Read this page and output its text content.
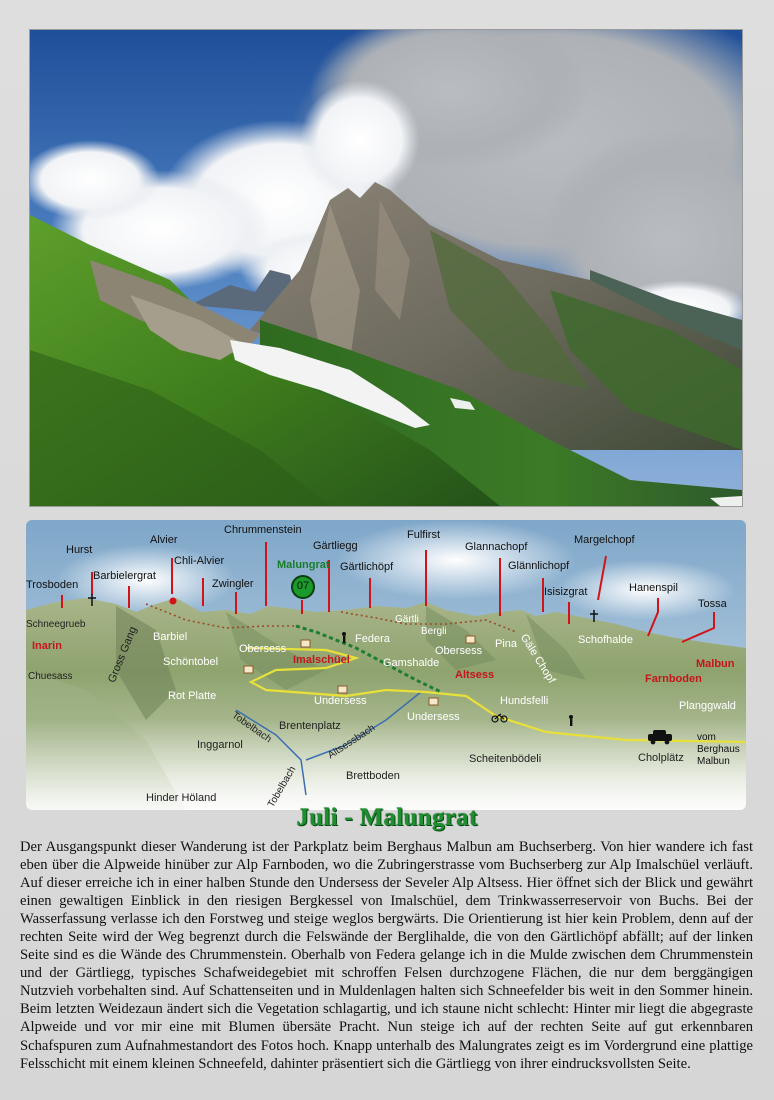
Trosboden
Hurst
Barbielergrat
Alvier
Chli-Alvier
Zwingler
Chrummenstein
Malungrat
07
Gärtliegg
Gärtlichöpf
Fulfirst
Glannachopf
Glännlichopf
Margelchopf
Isisizgrat	Hanenspil
Tossa
Inarin
Imalschüel
Altsess
Malbun
Farnboden
Schneegrueb
Chuesass	Gross Gang Barbiel
Schöntobel
Rot Platte
Obersess
Federa
Gärtli
Bergli
Gamshalde
Obersess
Pina Gäle Chopf Schofhalde
Undersess
Undersess
Hundsfelli	Planggwald
Tobelbach Brentenplatz
Altsessbach
Inggarnol
Tobelbach	Brettboden
Scheitenbödeli	Cholplätz
Hinder Höland
vom
Berghaus
Malbun
Juli - Malungrat

Der Ausgangspunkt dieser Wanderung ist der Parkplatz beim Berghaus Malbun am Buchserberg. Von hier wandere ich fast eben über die Alpweide hinüber zur Alp Farnboden, wo die Zubringerstrasse vom Buchserberg zur Alp Imalschüel verläuft. Auf dieser erreiche ich in einer halben Stunde den Undersess der Seveler Alp Altsess. Hier öffnet sich der Blick und gewährt einen gewaltigen Einblick in den riesigen Bergkessel von Imalschüel, dem Trinkwasserreservoir von Buchs. Bei der Wasserfassung verlasse ich den Forstweg und steige weglos bergwärts. Die Orientierung ist hier kein Problem, denn auf der rechten Seite wird der Weg begrenzt durch die Felswände der Berglihalde, die von den Gärtlichöpf abfällt; auf der linken Seite sind es die Wände des Chrummenstein. Oberhalb von Federa gelange ich in die Mulde zwischen dem Chrummenstein und der Gärtliegg, typisches Schafweidegebiet mit schroffen Felsen durchzogene Flächen, die nur dem berggängigen Nutzvieh vorbehalten sind. Auf Schattenseiten und in Muldenlagen halten sich Schneefelder bis weit in den Sommer hinein. Beim letzten Weidezaun ändert sich die Vegetation schlagartig, und ich staune nicht schlecht: Hinter mir liegt die abgegraste Alpweide und vor mir eine mit Blumen übersäte Pracht. Nun steige ich auf der rechten Seite auf gut erkennbaren Schafspuren zum Aufnahmestandort des Fotos hoch. Knapp unterhalb des Malungrates zeigt es im Vordergrund eine plattige Felsschicht mit einem kleinen Schneefeld, dahinter präsentiert sich die Gärtliegg von ihrer eindrucksvollsten Seite.
